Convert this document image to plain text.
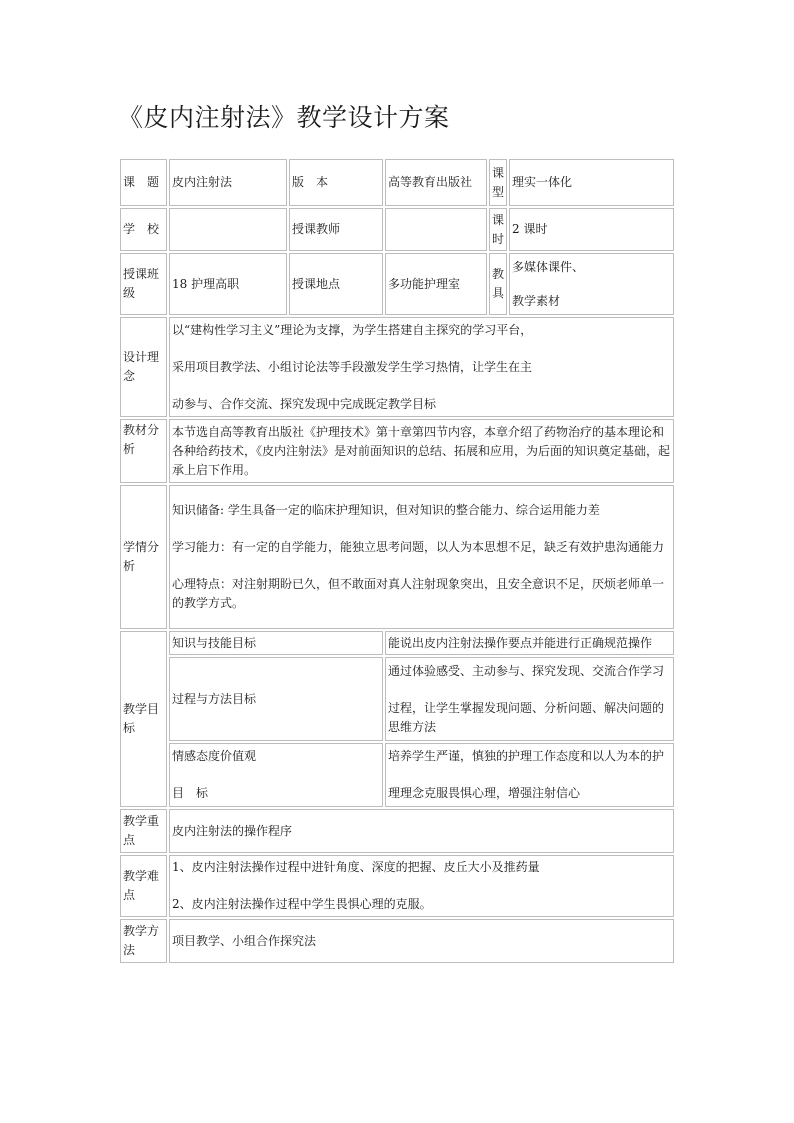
《皮内注射法》教学设计方案
课　题	皮内注射法	版　本	高等教育出版社	课型	理实一体化
学　校		授课教师		课时	2 课时
授课班级	18 护理高职	授课地点	多功能护理室	教具	多媒体课件、
教学素材
设计理念	以“建构性学习主义”理论为支撑，为学生搭建自主探究的学习平台，
采用项目教学法、小组讨论法等手段激发学生学习热情，让学生在主
动参与、合作交流、探究发现中完成既定教学目标				
教材分析	本节选自高等教育出版社《护理技术》第十章第四节内容，本章介绍了药物治疗的基本理论和各种给药技术，《皮内注射法》是对前面知识的总结、拓展和应用，为后面的知识奠定基础，起承上启下作用。				
学情分析	知识储备: 学生具备一定的临床护理知识，但对知识的整合能力、综合运用能力差
学习能力：有一定的自学能力，能独立思考问题，以人为本思想不足，缺乏有效护患沟通能力
心理特点：对注射期盼已久，但不敢面对真人注射现象突出，且安全意识不足，厌烦老师单一的教学方式。				
教学目标	知识与技能目标		能说出皮内注射法操作要点并能进行正确规范操作		
	过程与方法目标		通过体验感受、主动参与、探究发现、交流合作学习
过程，让学生掌握发现问题、分析问题、解决问题的思维方法		
	情感态度价值观
目　标		培养学生严谨，慎独的护理工作态度和以人为本的护
理理念克服畏惧心理，增强注射信心		
教学重点	皮内注射法的操作程序				
教学难点	1、皮内注射法操作过程中进针角度、深度的把握、皮丘大小及推药量
2、皮内注射法操作过程中学生畏惧心理的克服。				
教学方法	项目教学、小组合作探究法				
